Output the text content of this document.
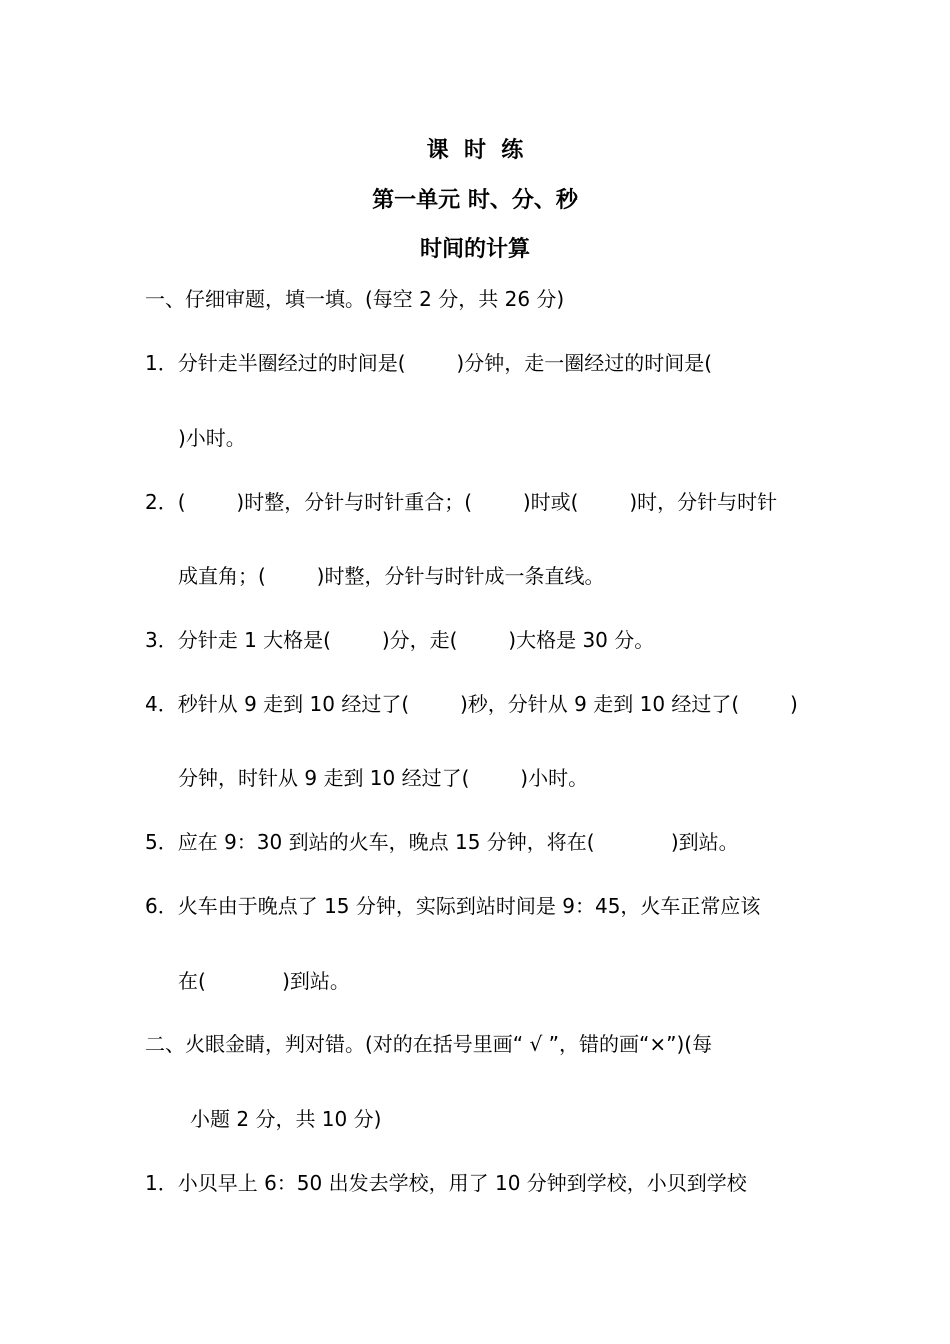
课  时  练
第一单元 时、分、秒
时间的计算
一、仔细审题，填一填。(每空 2 分，共 26 分)
1．分针走半圈经过的时间是(        )分钟，走一圈经过的时间是(
)小时。
2．(        )时整，分针与时针重合；(        )时或(        )时，分针与时针
成直角；(        )时整，分针与时针成一条直线。
3．分针走 1 大格是(        )分，走(        )大格是 30 分。
4．秒针从 9 走到 10 经过了(        )秒，分针从 9 走到 10 经过了(        )
分钟，时针从 9 走到 10 经过了(        )小时。
5．应在 9：30 到站的火车，晚点 15 分钟，将在(            )到站。
6．火车由于晚点了 15 分钟，实际到站时间是 9：45，火车正常应该
在(            )到站。
二、火眼金睛，判对错。(对的在括号里画“ √ ”，错的画“×”)(每
小题 2 分，共 10 分)
1．小贝早上 6：50 出发去学校，用了 10 分钟到学校，小贝到学校
